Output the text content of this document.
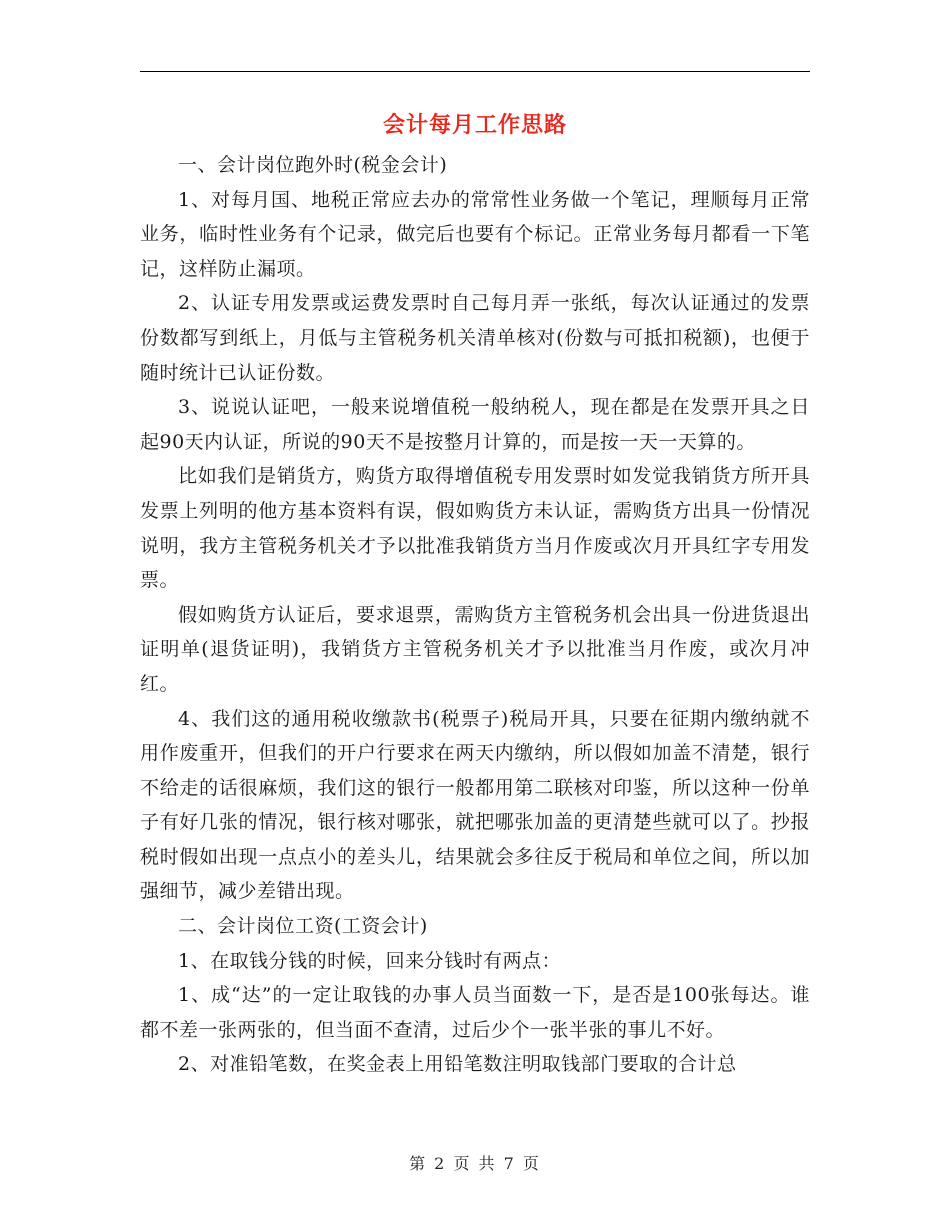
会计每月工作思路

一、会计岗位跑外时(税金会计)

1、对每月国、地税正常应去办的常常性业务做一个笔记，理顺每月正常业务，临时性业务有个记录，做完后也要有个标记。正常业务每月都看一下笔记，这样防止漏项。

2、认证专用发票或运费发票时自己每月弄一张纸，每次认证通过的发票份数都写到纸上，月低与主管税务机关清单核对(份数与可抵扣税额)，也便于随时统计已认证份数。

3、说说认证吧，一般来说增值税一般纳税人，现在都是在发票开具之日起90天内认证，所说的90天不是按整月计算的，而是按一天一天算的。

比如我们是销货方，购货方取得增值税专用发票时如发觉我销货方所开具发票上列明的他方基本资料有误，假如购货方未认证，需购货方出具一份情况说明，我方主管税务机关才予以批准我销货方当月作废或次月开具红字专用发票。

假如购货方认证后，要求退票，需购货方主管税务机会出具一份进货退出证明单(退货证明)，我销货方主管税务机关才予以批准当月作废，或次月冲红。

4、我们这的通用税收缴款书(税票子)税局开具，只要在征期内缴纳就不用作废重开，但我们的开户行要求在两天内缴纳，所以假如加盖不清楚，银行不给走的话很麻烦，我们这的银行一般都用第二联核对印鉴，所以这种一份单子有好几张的情况，银行核对哪张，就把哪张加盖的更清楚些就可以了。抄报税时假如出现一点点小的差头儿，结果就会多往反于税局和单位之间，所以加强细节，减少差错出现。

二、会计岗位工资(工资会计)

1、在取钱分钱的时候，回来分钱时有两点：

1、成“达”的一定让取钱的办事人员当面数一下，是否是100张每达。谁都不差一张两张的，但当面不查清，过后少个一张半张的事儿不好。

2、对准铅笔数，在奖金表上用铅笔数注明取钱部门要取的合计总

第 2 页 共 7 页
